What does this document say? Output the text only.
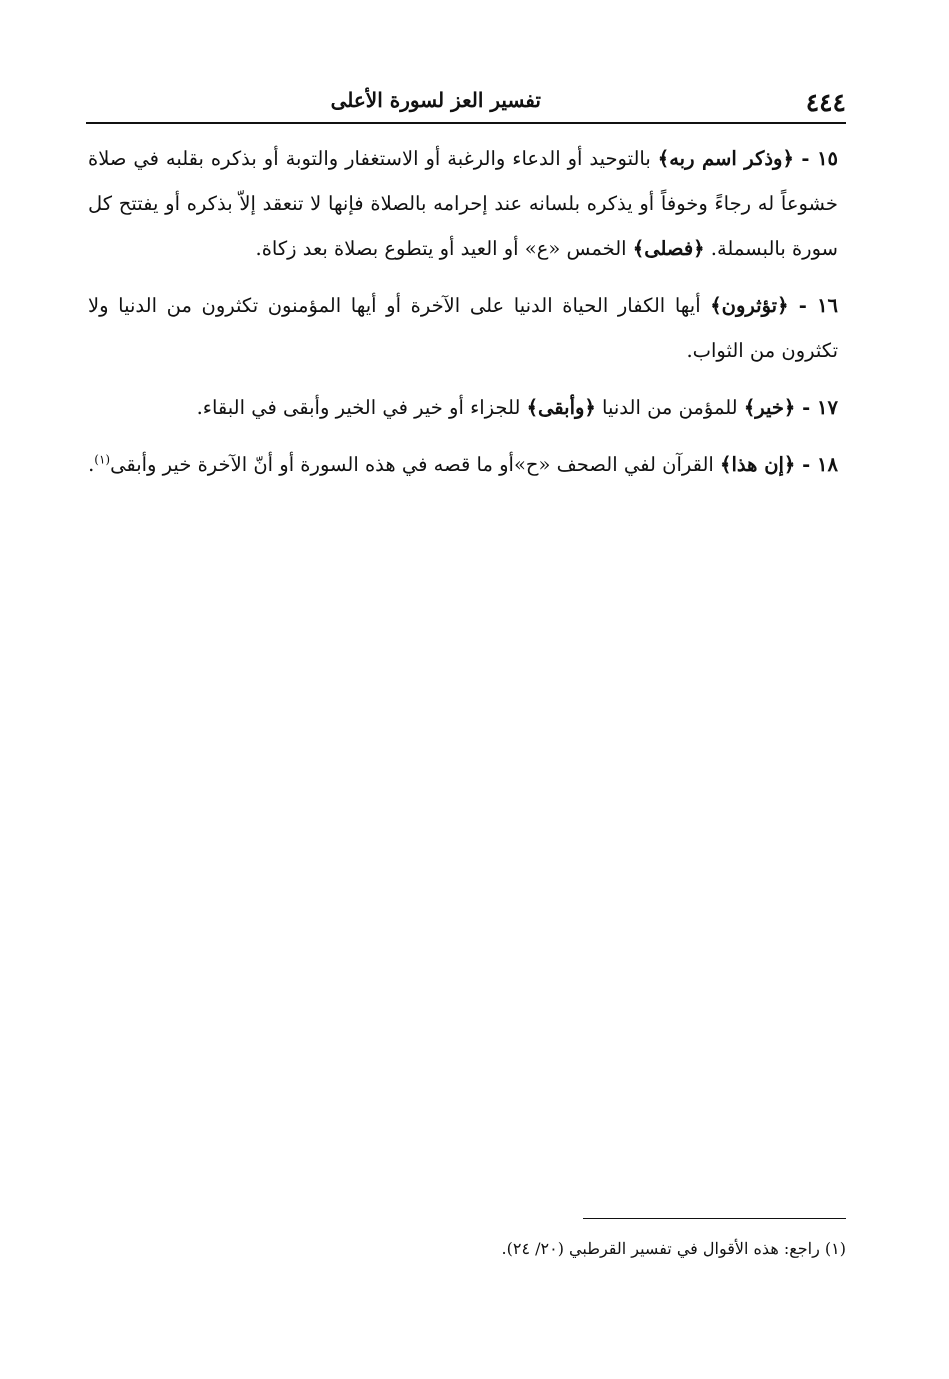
٤٤٤
تفسير العز لسورة الأعلى

١٥ - ﴿وذكر اسم ربه﴾ بالتوحيد أو الدعاء والرغبة أو الاستغفار والتوبة أو بذكره بقلبه في صلاة خشوعاً له رجاءً وخوفاً أو يذكره بلسانه عند إحرامه بالصلاة فإنها لا تنعقد إلاّ بذكره أو يفتتح كل سورة بالبسملة. ﴿فصلى﴾ الخمس «ع» أو العيد أو يتطوع بصلاة بعد زكاة.

١٦ - ﴿تؤثرون﴾ أيها الكفار الحياة الدنيا على الآخرة أو أيها المؤمنون تكثرون من الدنيا ولا تكثرون من الثواب.

١٧ - ﴿خير﴾ للمؤمن من الدنيا ﴿وأبقى﴾ للجزاء أو خير في الخير وأبقى في البقاء.

١٨ - ﴿إن هذا﴾ القرآن لفي الصحف «ح»أو ما قصه في هذه السورة أو أنّ الآخرة خير وأبقى$^{(١)}$.

(١) راجع: هذه الأقوال في تفسير القرطبي (٢٠/ ٢٤).
